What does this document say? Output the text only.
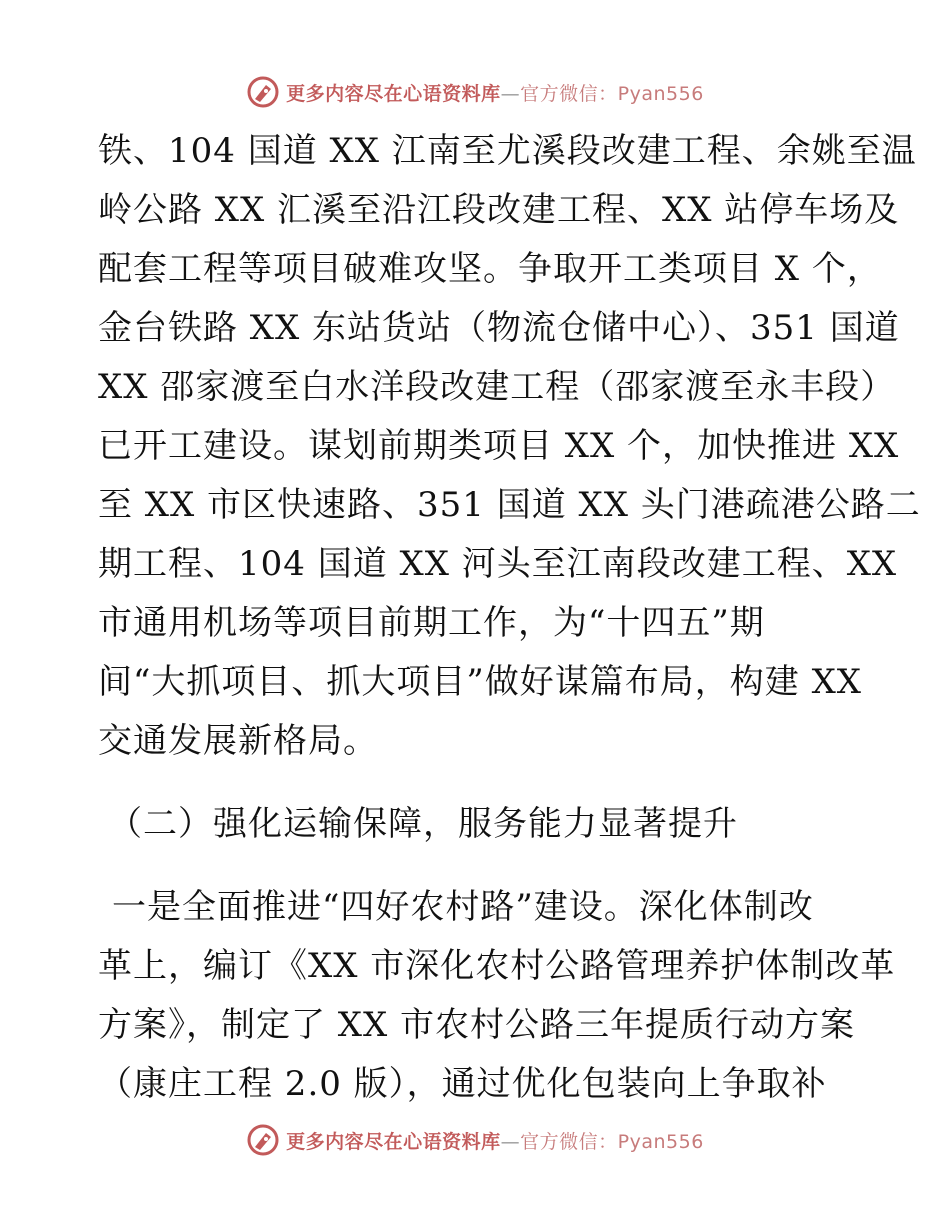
更多内容尽在心语资料库—官方微信：Pyan556
铁、104 国道 XX 江南至尤溪段改建工程、余姚至温
岭公路 XX 汇溪至沿江段改建工程、XX 站停车场及
配套工程等项目破难攻坚。争取开工类项目 X 个，
金台铁路 XX 东站货站（物流仓储中心）、351 国道
XX 邵家渡至白水洋段改建工程（邵家渡至永丰段）
已开工建设。谋划前期类项目 XX 个，加快推进 XX
至 XX 市区快速路、351 国道 XX 头门港疏港公路二
期工程、104 国道 XX 河头至江南段改建工程、XX
市通用机场等项目前期工作，为“十四五”期
间“大抓项目、抓大项目”做好谋篇布局，构建 XX
交通发展新格局。
（二）强化运输保障，服务能力显著提升
一是全面推进“四好农村路”建设。深化体制改
革上，编订《XX 市深化农村公路管理养护体制改革
方案》，制定了 XX 市农村公路三年提质行动方案
（康庄工程 2.0 版），通过优化包装向上争取补
更多内容尽在心语资料库—官方微信：Pyan556
